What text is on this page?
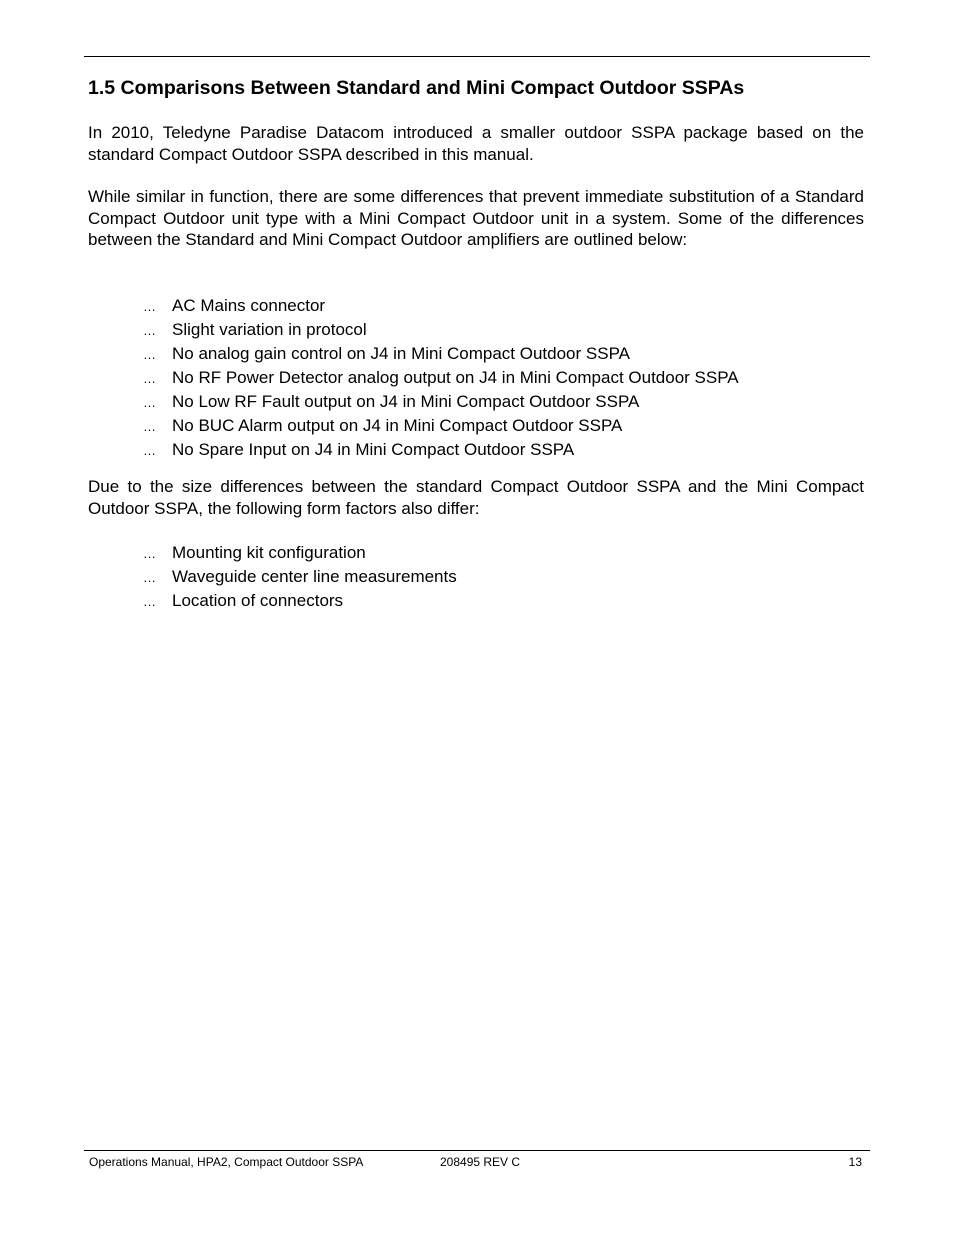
1.5 Comparisons Between Standard and Mini Compact Outdoor SSPAs

In 2010, Teledyne Paradise Datacom introduced a smaller outdoor SSPA package based on the standard Compact Outdoor SSPA described in this manual.

While similar in function, there are some differences that prevent immediate substitution of a Standard Compact Outdoor unit type with a Mini Compact Outdoor unit in a system. Some of the differences between the Standard and Mini Compact Outdoor amplifiers are outlined below:

… AC Mains connector
… Slight variation in protocol
… No analog gain control on J4 in Mini Compact Outdoor SSPA
… No RF Power Detector analog output on J4 in Mini Compact Outdoor SSPA
… No Low RF Fault output on J4 in Mini Compact Outdoor SSPA
… No BUC Alarm output on J4 in Mini Compact Outdoor SSPA
… No Spare Input on J4 in Mini Compact Outdoor SSPA

Due to the size differences between the standard Compact Outdoor SSPA and the Mini Compact Outdoor SSPA, the following form factors also differ:

… Mounting kit configuration
… Waveguide center line measurements
… Location of connectors
Operations Manual, HPA2, Compact Outdoor SSPA	208495 REV C	13
